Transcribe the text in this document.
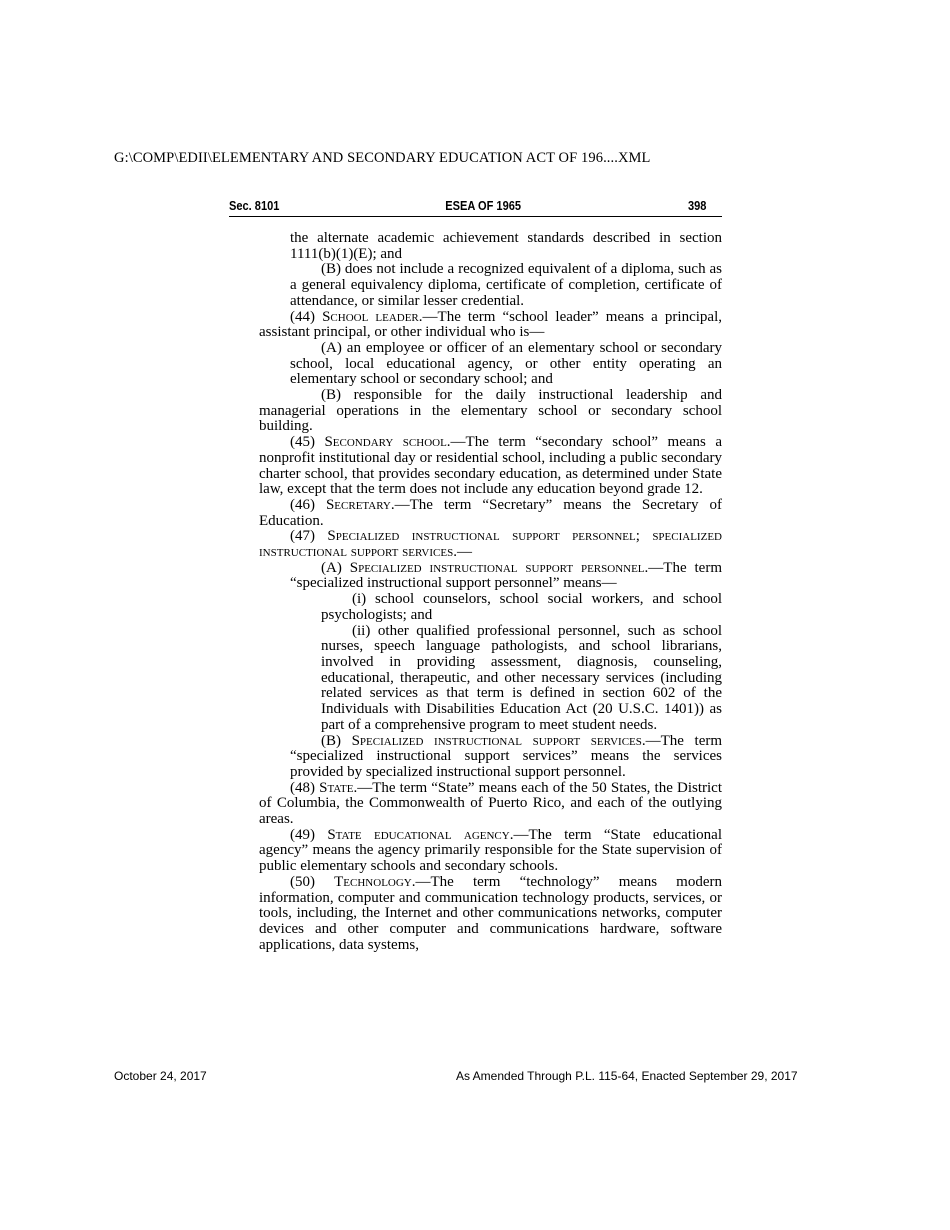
G:\COMP\EDII\ELEMENTARY AND SECONDARY EDUCATION ACT OF 196....XML
Sec. 8101	ESEA OF 1965	398

the alternate academic achievement standards described in section 1111(b)(1)(E); and

(B) does not include a recognized equivalent of a diploma, such as a general equivalency diploma, certificate of completion, certificate of attendance, or similar lesser credential.

(44) School leader.—The term “school leader” means a principal, assistant principal, or other individual who is—

(A) an employee or officer of an elementary school or secondary school, local educational agency, or other entity operating an elementary school or secondary school; and

(B) responsible for the daily instructional leadership and managerial operations in the elementary school or secondary school building.

(45) Secondary school.—The term “secondary school” means a nonprofit institutional day or residential school, including a public secondary charter school, that provides secondary education, as determined under State law, except that the term does not include any education beyond grade 12.

(46) Secretary.—The term “Secretary” means the Secretary of Education.

(47) Specialized instructional support personnel; specialized instructional support services.—

(A) Specialized instructional support personnel.—The term “specialized instructional support personnel” means—

(i) school counselors, school social workers, and school psychologists; and

(ii) other qualified professional personnel, such as school nurses, speech language pathologists, and school librarians, involved in providing assessment, diagnosis, counseling, educational, therapeutic, and other necessary services (including related services as that term is defined in section 602 of the Individuals with Disabilities Education Act (20 U.S.C. 1401)) as part of a comprehensive program to meet student needs.

(B) Specialized instructional support services.—The term “specialized instructional support services” means the services provided by specialized instructional support personnel.

(48) State.—The term “State” means each of the 50 States, the District of Columbia, the Commonwealth of Puerto Rico, and each of the outlying areas.

(49) State educational agency.—The term “State educational agency” means the agency primarily responsible for the State supervision of public elementary schools and secondary schools.

(50) Technology.—The term “technology” means modern information, computer and communication technology products, services, or tools, including, the Internet and other communications networks, computer devices and other computer and communications hardware, software applications, data systems,

October 24, 2017	As Amended Through P.L. 115-64, Enacted September 29, 2017
